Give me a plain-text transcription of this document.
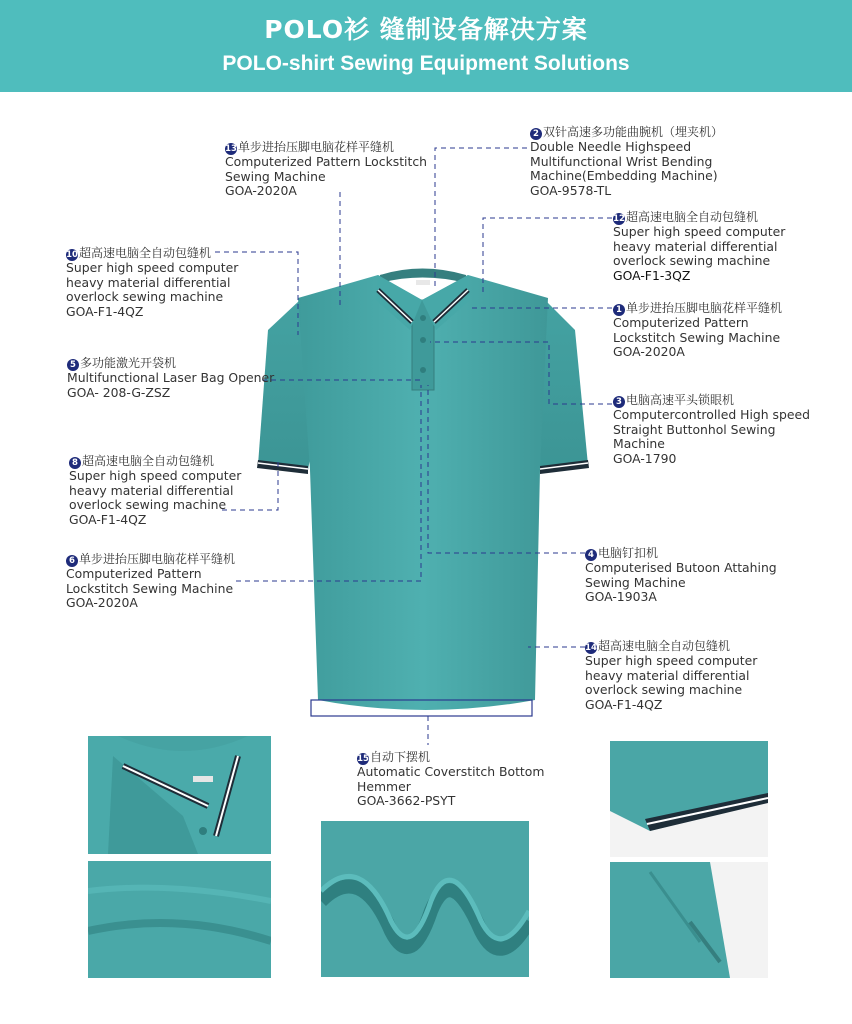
POLO衫 缝制设备解决方案
POLO-shirt Sewing Equipment Solutions
13单步进抬压脚电脑花样平缝机
Computerized Pattern Lockstitch
Sewing Machine
GOA-2020A
2 双针高速多功能曲腕机（埋夹机）
Double Needle Highspeed
Multifunctional Wrist Bending
Machine(Embedding Machine)
GOA-9578-TL
12超高速电脑全自动包缝机
Super high speed computer
heavy material differential
overlock sewing machine
GOA-F1-3QZ
10超高速电脑全自动包缝机
Super high speed computer
heavy material differential
overlock sewing machine
GOA-F1-4QZ	1 单步进抬压脚电脑花样平缝机
Computerized Pattern
Lockstitch Sewing Machine
GOA-2020A
5 多功能激光开袋机
Multifunctional Laser Bag Opener
GOA- 208-G-ZSZ
3 电脑高速平头锁眼机
Computercontrolled High speed
Straight Buttonhol Sewing
Machine
GOA-1790
8 超高速电脑全自动包缝机
Super high speed computer
heavy material differential
overlock sewing machine
GOA-F1-4QZ
4 电脑钉扣机
Computerised Butoon Attahing
Sewing Machine
GOA-1903A
6 单步进抬压脚电脑花样平缝机
Computerized Pattern
Lockstitch Sewing Machine
GOA-2020A
14超高速电脑全自动包缝机
Super high speed computer
heavy material differential
overlock sewing machine
GOA-F1-4QZ
15自动下摆机
Automatic Coverstitch Bottom
Hemmer
GOA-3662-PSYT
